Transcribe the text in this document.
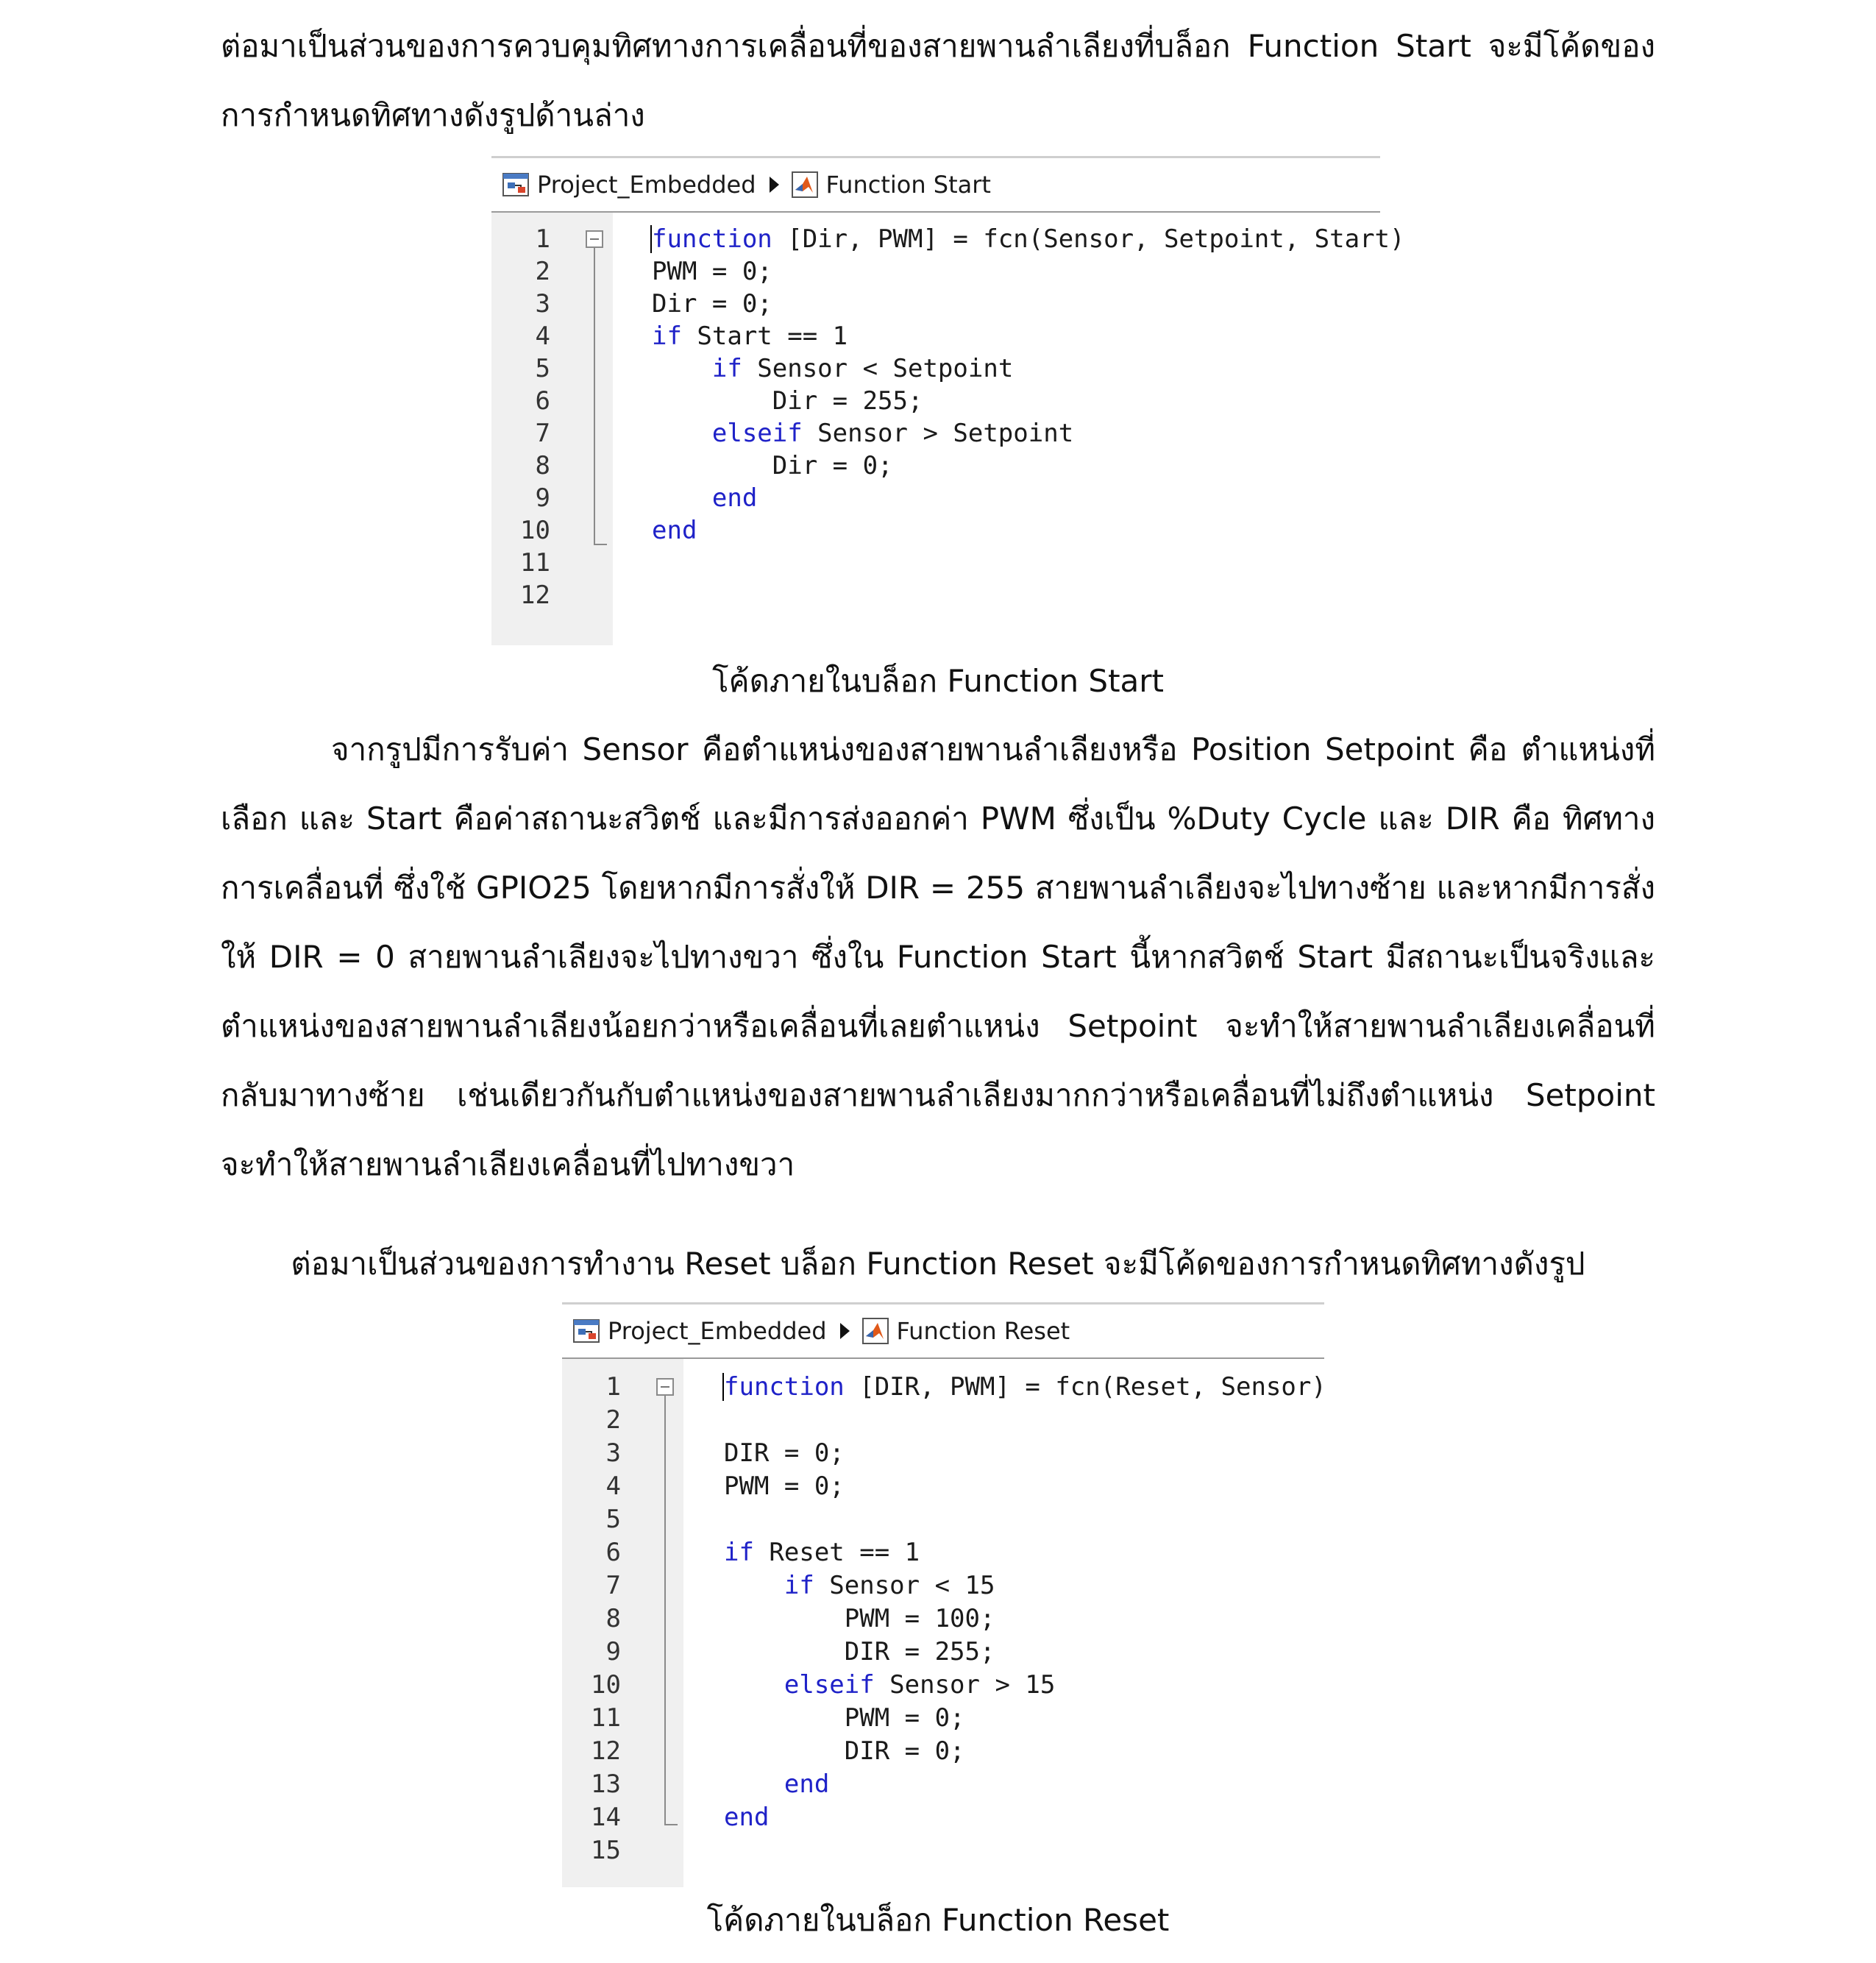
ต่อมาเป็นส่วนของการควบคุมทิศทางการเคลื่อนที่ของสายพานลำเลียงที่บล็อก Function Start จะมีโค้ดของการกำหนดทิศทางดังรูปด้านล่าง

Project_Embedded	Function Start
1	function [Dir, PWM] = fcn(Sensor, Setpoint, Start)
2	PWM = 0;
3	Dir = 0;
4	if Start == 1
5	if Sensor < Setpoint
6	Dir = 255;
7	elseif Sensor > Setpoint
8	Dir = 0;
9	end
10	end
11
12

โค้ดภายในบล็อก Function Start

จากรูปมีการรับค่า Sensor คือตำแหน่งของสายพานลำเลียงหรือ Position Setpoint คือ ตำแหน่งที่เลือก และ Start คือค่าสถานะสวิตช์ และมีการส่งออกค่า PWM ซึ่งเป็น %Duty Cycle และ DIR คือ ทิศทางการเคลื่อนที่ ซึ่งใช้ GPIO25 โดยหากมีการสั่งให้ DIR = 255 สายพานลำเลียงจะไปทางซ้าย และหากมีการสั่งให้ DIR = 0 สายพานลำเลียงจะไปทางขวา ซึ่งใน Function Start นี้หากสวิตช์ Start มีสถานะเป็นจริงและตำแหน่งของสายพานลำเลียงน้อยกว่าหรือเคลื่อนที่เลยตำแหน่ง Setpoint จะทำให้สายพานลำเลียงเคลื่อนที่กลับมาทางซ้าย เช่นเดียวกันกับตำแหน่งของสายพานลำเลียงมากกว่าหรือเคลื่อนที่ไม่ถึงตำแหน่ง Setpoint จะทำให้สายพานลำเลียงเคลื่อนที่ไปทางขวา

ต่อมาเป็นส่วนของการทำงาน Reset บล็อก Function Reset จะมีโค้ดของการกำหนดทิศทางดังรูป

Project_Embedded	Function Reset
1	function [DIR, PWM] = fcn(Reset, Sensor)
2
3	DIR = 0;
4	PWM = 0;
5
6	if Reset == 1
7	if Sensor < 15
8	PWM = 100;
9	DIR = 255;
10	elseif Sensor > 15
11	PWM = 0;
12	DIR = 0;
13	end
14	end
15

โค้ดภายในบล็อก Function Reset
